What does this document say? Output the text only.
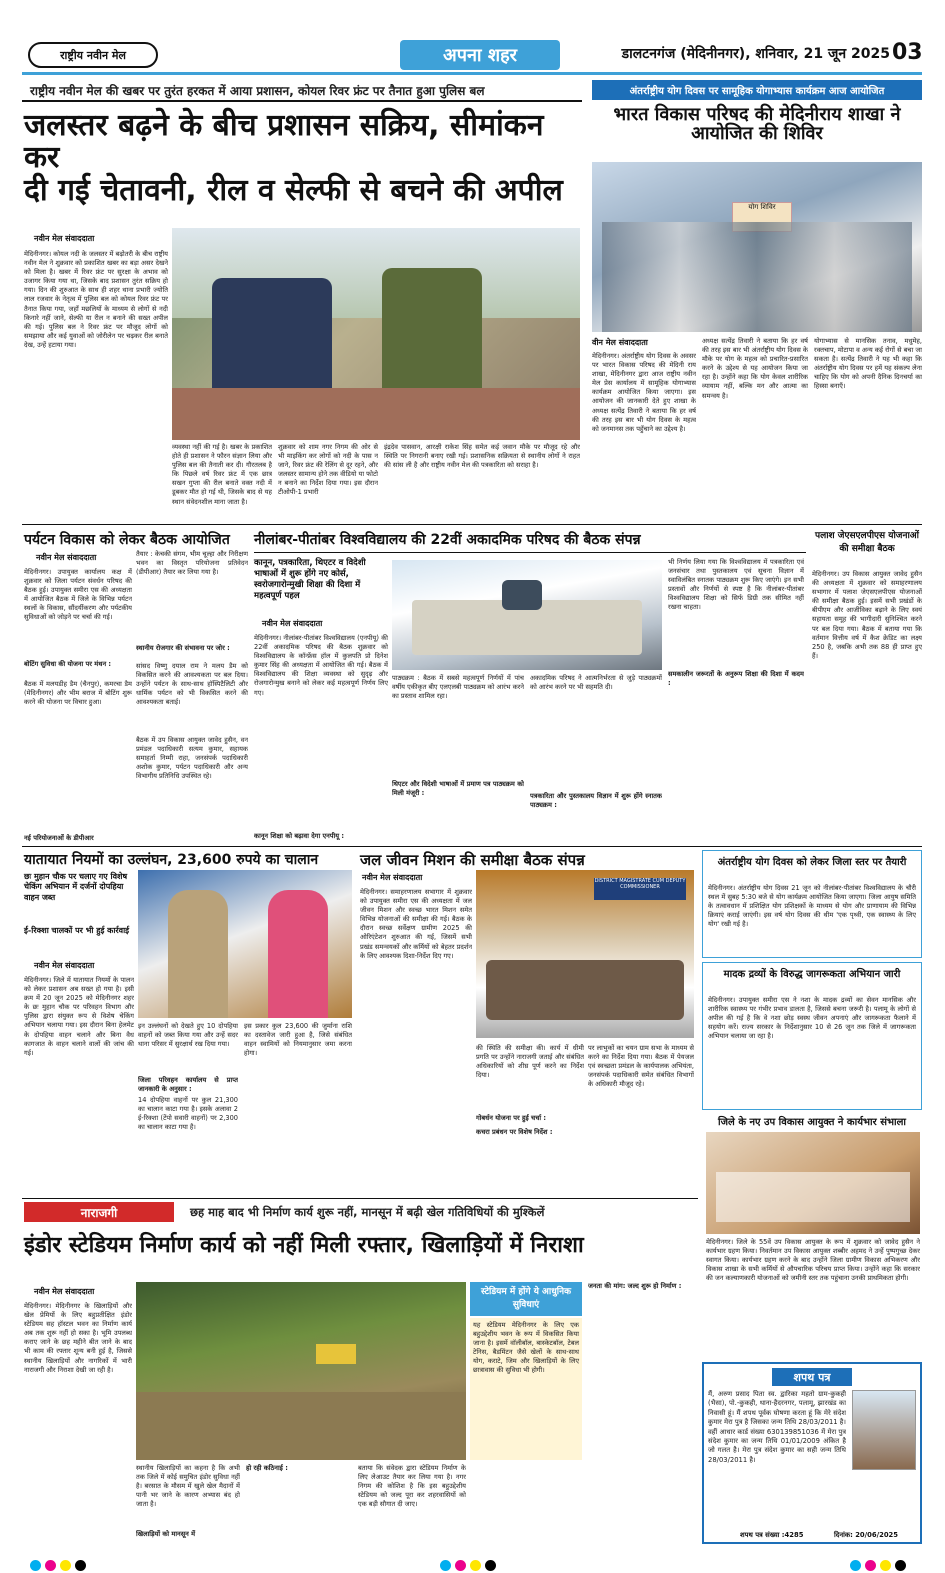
राष्ट्रीय नवीन मेल	अपना शहर	डालटनगंज (मेदिनीनगर), शनिवार, 21 जून 2025 03
राष्ट्रीय नवीन मेल की खबर पर तुरंत हरकत में आया प्रशासन, कोयल रिवर फ्रंट पर तैनात हुआ पुलिस बल
जलस्तर बढ़ने के बीच प्रशासन सक्रिय, सीमांकन कर
दी गई चेतावनी, रील व सेल्फी से बचने की अपील
नवीन मेल संवाददाता
मेदिनीनगर। कोयल नदी के जलस्तर में बढ़ोतरी के बीच राष्ट्रीय नवीन मेल ने शुक्रवार को प्रकाशित खबर का बड़ा असर देखने को मिला है। खबर में रिवर फ्रंट पर सुरक्षा के अभाव को उजागर किया गया था, जिसके बाद प्रशासन तुरंत सक्रिय हो गया। दिन की शुरुआत के साथ ही शहर थाना प्रभारी ज्योति लाल रजवार के नेतृत्व में पुलिस बल को कोयल रिवर फ्रंट पर तैनात किया गया, जहाँ मछलियों के माध्यम से लोगों से नदी किनारे नहीं जाने, सेल्फी या रील न बनाने की सख्त अपील की गई। पुलिस बल ने रिवर फ्रंट पर मौजूद लोगों को समझाया और कई युवाओं को जोरीलेन पर चढ़कर रील बनाते देख, उन्हें हटाया गया।
व्यवस्था नहीं की गई है। खबर के प्रकाशित होते ही प्रशासन ने फौरन संज्ञान लिया और पुलिस बल की तैनाती कर दी। गौरतलब है कि पिछले वर्ष रिवर फ्रंट में एक छात्र सखन गुप्ता की रील बनाते वक्त नदी में डूबकर मौत हो गई थी, जिसके बाद से यह स्थान संवेदनशील माना जाता है।
शुक्रवार को शाम नगर निगम की ओर से भी माइकिंग कर लोगों को नदी के पास न जाने, रिवर फ्रंट की रेलिंग से दूर रहने, और जलस्तर सामान्य होने तक वीडियो या फोटो न बनाने का निर्देश दिया गया। इस दौरान टीओपी-1 प्रभारी
इंद्रदेव पासवान, आरक्षी राकेश सिंह समेत कई जवान मौके पर मौजूद रहे और स्थिति पर निगरानी बनाए रखी गई। प्रशासनिक सक्रियता से स्थानीय लोगों ने राहत की सांस ली है और राष्ट्रीय नवीन मेल की पत्रकारिता को सराहा है।
अंतर्राष्ट्रीय योग दिवस पर सामूहिक योगाभ्यास कार्यक्रम आज आयोजित
भारत विकास परिषद की मेदिनीराय शाखा ने आयोजित की शिविर
योग शिविर
वीन मेल संवाददाता
मेदिनीनगर। अंतर्राष्ट्रीय योग दिवस के अवसर पर भारत विकास परिषद की मेदिनी राय शाखा, मेदिनीनगर द्वारा आज राष्ट्रीय नवीन मेल प्रेस कार्यालय में सामूहिक योगाभ्यास कार्यक्रम आयोजित किया जाएगा। इस आयोजन की जानकारी देते हुए शाखा के अध्यक्ष सत्येंद्र तिवारी ने बताया कि हर वर्ष की तरह इस बार भी योग दिवस के महत्व को जनमानस तक पहुँचाने का उद्देश्य है।
अध्यक्ष सत्येंद्र तिवारी ने बताया कि हर वर्ष की तरह इस बार भी अंतर्राष्ट्रीय योग दिवस के मौके पर योग के महत्व को प्रचारित-प्रसारित करने के उद्देश्य से यह आयोजन किया जा रहा है। उन्होंने कहा कि योग केवल शारीरिक व्यायाम नहीं, बल्कि मन और आत्मा का समन्वय है।
योगाभ्यास से मानसिक तनाव, मधुमेह, रक्तचाप, मोटापा व अन्य कई रोगों से बचा जा सकता है। सत्येंद्र तिवारी ने यह भी कहा कि अंतर्राष्ट्रीय योग दिवस पर हमें यह संकल्प लेना चाहिए कि योग को अपनी दैनिक दिनचर्या का हिस्सा बनाएँ।
पर्यटन विकास को लेकर बैठक आयोजित
नवीन मेल संवाददाता
मेदिनीनगर। उपायुक्त कार्यालय कक्ष में शुक्रवार को जिला पर्यटन संवर्धन परिषद की बैठक हुई। उपायुक्त समीरा एस की अध्यक्षता में आयोजित बैठक में जिले के विभिन्न पर्यटन स्थलों के विकास, सौंदर्यीकरण और पर्यटकीय सुविधाओं को जोड़ने पर चर्चा की गई।
बोटिंग सुविधा की योजना पर मंथन :
बैठक में मलयडीह डैम (चैनपुर), कमरचा डैम (मेदिनीनगर) और भीम बराज में बोटिंग शुरू करने की योजना पर विचार हुआ।
नई परियोजनाओं के डीपीआर
तैयार : केचकी संगम, भीम चूल्हा और निरीक्षण भवन का विस्तृत परियोजना प्रतिवेदन (डीपीआर) तैयार कर लिया गया है।
स्थानीय रोजगार की संभावना पर जोर :
सांसद विष्णु दयाल राम ने मलय डैम को विकसित करने की आवश्यकता पर बल दिया। उन्होंने पर्यटन के साथ-साथ हॉस्पिटैलिटी और धार्मिक पर्यटन को भी विकसित करने की आवश्यकता बताई।
बैठक में उप विकास आयुक्त जावेद हुसैन, वन प्रमंडल पदाधिकारी सत्यम कुमार, सहायक समाहर्ता निम्मी राहा, जनसंपर्क पदाधिकारी अशोक कुमार, पर्यटन पदाधिकारी और अन्य विभागीय प्रतिनिधि उपस्थित रहे।
नीलांबर-पीतांबर विश्वविद्यालय की 22वीं अकादमिक परिषद की बैठक संपन्न
कानून, पत्रकारिता, थिएटर व विदेशी भाषाओं में शुरू होंगे नए कोर्स, स्वरोजगारोन्मुखी शिक्षा की दिशा में महत्वपूर्ण पहल
नवीन मेल संवाददाता
मेदिनीनगर। नीलांबर-पीतांबर विश्वविद्यालय (एनपीयू) की 22वीं अकादमिक परिषद की बैठक शुक्रवार को विश्वविद्यालय के कॉन्फ्रेंस हॉल में कुलपति प्रो दिनेश कुमार सिंह की अध्यक्षता में आयोजित की गई। बैठक में विश्वविद्यालय की शिक्षा व्यवस्था को सुदृढ़ और रोजगारोन्मुख बनाने को लेकर कई महत्वपूर्ण निर्णय लिए गए।
कानून शिक्षा को बढ़ावा देगा एनपीयू :
पाठ्यक्रम : बैठक में सबसे महत्वपूर्ण निर्णयों में पांच वर्षीय एकीकृत बीए एलएलबी पाठ्यक्रम को आरंभ करने का प्रस्ताव शामिल रहा।
थिएटर और विदेशी भाषाओं में प्रमाण पत्र पाठ्यक्रम को मिली मंजूरी :
अकादमिक परिषद ने आत्मनिर्भरता से जुड़े पाठ्यक्रमों को आरंभ करने पर भी सहमति दी।
पत्रकारिता और पुस्तकालय विज्ञान में शुरू होंगे स्नातक पाठ्यक्रम :
भी निर्णय लिया गया कि विश्वविद्यालय में पत्रकारिता एवं जनसंचार तथा पुस्तकालय एवं सूचना विज्ञान में स्वाविलंबित स्नातक पाठ्यक्रम शुरू किए जाएंगे। इन सभी प्रस्तावों और निर्णयों से स्पष्ट है कि नीलांबर-पीतांबर विश्वविद्यालय शिक्षा को सिर्फ डिग्री तक सीमित नहीं रखना चाहता।
समकालीन जरूरतों के अनुरूप शिक्षा की दिशा में कदम :
पलाश जेएसएलपीएस योजनाओं की समीक्षा बैठक
मेदिनीनगर। उप विकास आयुक्त जावेद हुसैन की अध्यक्षता में शुक्रवार को समाहरणालय सभागार में पलाश जेएसएलपीएस योजनाओं की समीक्षा बैठक हुई। इसमें सभी प्रखंडों के बीपीएम और आजीविका बढ़ाने के लिए स्वयं सहायता समूह की भागीदारी सुनिश्चित करने पर बल दिया गया। बैठक में बताया गया कि वर्तमान वित्तीय वर्ष में कैश क्रेडिट का लक्ष्य 250 है, जबकि अभी तक 88 ही प्राप्त हुए हैं।
यातायात नियमों का उल्लंघन, 23,600 रुपये का चालान
छः मुहान चौक पर चलाए गए विशेष चेकिंग अभियान में दर्जनों दोपहिया वाहन जब्त
ई-रिक्शा चालकों पर भी हुई कार्रवाई
नवीन मेल संवाददाता
मेदिनीनगर। जिले में यातायात नियमों के पालन को लेकर प्रशासन अब सख्त हो गया है। इसी क्रम में 20 जून 2025 को मेदिनीनगर शहर के छः मुहान चौक पर परिवहन विभाग और पुलिस द्वारा संयुक्त रूप से विशेष चेकिंग अभियान चलाया गया। इस दौरान बिना हेलमेट के दोपहिया वाहन चलाने और बिना वैध कागजात के वाहन चलाने वालों की जांच की गई।
इन उल्लंघनों को देखते हुए 10 दोपहिया वाहनों को जब्त किया गया और उन्हें सदर थाना परिसर में सुरक्षार्थ रख दिया गया।
जिला परिवहन कार्यालय से प्राप्त जानकारी के अनुसार :
14 दोपहिया वाहनों पर कुल 21,300 का चालान काटा गया है। इसके अलावा 2 ई-रिक्शा (टेंपो सवारी वाहनों) पर 2,300 का चालान काटा गया है।
इस प्रकार कुल 23,600 की जुर्माना राशि का दस्तावेज जारी हुआ है, जिसे संबंधित वाहन स्वामियों को नियमानुसार जमा करना होगा।
जल जीवन मिशन की समीक्षा बैठक संपन्न
नवीन मेल संवाददाता
मेदिनीनगर। समाहरणालय सभागार में शुक्रवार को उपायुक्त समीरा एस की अध्यक्षता में जल जीवन मिशन और स्वच्छ भारत मिशन समेत विभिन्न योजनाओं की समीक्षा की गई। बैठक के दौरान स्वच्छ सर्वेक्षण ग्रामीण 2025 की ओरिएंटेशन शुरुआत की गई, जिसमें सभी प्रखंड समन्वयकों और कर्मियों को बेहतर प्रदर्शन के लिए आवश्यक दिशा-निर्देश दिए गए।
DISTRICT MAGISTRATE CUM DEPUTY COMMISSIONER
की स्थिति की समीक्षा की। कार्य में धीमी प्रगति पर उन्होंने नाराजगी जताई और संबंधित अधिकारियों को शीघ्र पूर्ण करने का निर्देश दिया।
गोबर्धन योजना पर हुई चर्चा :
कचरा प्रबंधन पर विशेष निर्देश :
पर लाभुकों का चयन ग्राम सभा के माध्यम से करने का निर्देश दिया गया। बैठक में पेयजल एवं स्वच्छता प्रमंडल के कार्यपालक अभियंता, जनसंपर्क पदाधिकारी समेत संबंधित विभागों के अधिकारी मौजूद रहे।
अंतर्राष्ट्रीय योग दिवस को लेकर जिला स्तर पर तैयारी
मेदिनीनगर। अंतर्राष्ट्रीय योग दिवस 21 जून को नीलांबर-पीतांबर विश्वविद्यालय के चौरी स्थल में सुबह 5:30 बजे से योग कार्यक्रम आयोजित किया जाएगा। जिला आयुष समिति के तत्वावधान में प्रशिक्षित योग प्रशिक्षकों के माध्यम से योग और प्राणायाम की विभिन्न क्रियाएं कराई जाएंगी। इस वर्ष योग दिवस की थीम 'एक पृथ्वी, एक स्वास्थ्य के लिए योग' रखी गई है।
मादक द्रव्यों के विरुद्ध जागरूकता अभियान जारी
मेदिनीनगर। उपायुक्त समीरा एस ने नशा के मादक द्रव्यों का सेवन मानसिक और शारीरिक स्वास्थ्य पर गंभीर प्रभाव डालता है, जिससे बचना जरूरी है। पलामू के लोगों से अपील की गई है कि वे नशा छोड़ स्वस्थ जीवन अपनाएं और जागरूकता फैलाने में सहयोग करें। राज्य सरकार के निर्देशानुसार 10 से 26 जून तक जिले में जागरूकता अभियान चलाया जा रहा है।
जिले के नए उप विकास आयुक्त ने कार्यभार संभाला
मेदिनीनगर। जिले के 55वें उप विकास आयुक्त के रूप में शुक्रवार को जावेद हुसैन ने कार्यभार ग्रहण किया। निवर्तमान उप विकास आयुक्त शब्बीर अहमद ने उन्हें पुष्पगुच्छ देकर स्वागत किया। कार्यभार ग्रहण करने के बाद उन्होंने जिला ग्रामीण विकास अभिकरण और विकास शाखा के सभी कर्मियों से औपचारिक परिचय प्राप्त किया। उन्होंने कहा कि सरकार की जन कल्याणकारी योजनाओं को जमीनी स्तर तक पहुंचाना उनकी प्राथमिकता होगी।
शपथ पत्र
मैं, अरुण प्रसाद पिता स्व. द्वारिका महतो ग्राम-कुकही (भैसा), पो.-कुकही, थाना-हैदरनगर, पलामू, झारखंड का निवासी हूं। मैं शपथ पूर्वक घोषणा करता हूं कि मेरे संदेश कुमार मेरा पुत्र है जिसका जन्म तिथि 28/03/2011 है। वहीं आधार कार्ड संख्या 630139851036 में मेरा पुत्र संदेश कुमार का जन्म तिथि 01/01/2009 अंकित है जो गलत है। मेरा पुत्र संदेश कुमार का सही जन्म तिथि 28/03/2011 है।
शपथ पत्र संख्या :4285	दिनांक: 20/06/2025
नाराजगी	छह माह बाद भी निर्माण कार्य शुरू नहीं, मानसून में बढ़ी खेल गतिविधियों की मुश्किलें
इंडोर स्टेडियम निर्माण कार्य को नहीं मिली रफ्तार, खिलाड़ियों में निराशा
नवीन मेल संवाददाता
मेदिनीनगर। मेदिनीनगर के खिलाड़ियों और खेल प्रेमियों के लिए बहुप्रतीक्षित इंडोर स्टेडियम सह हॉस्टल भवन का निर्माण कार्य अब तक शुरू नहीं हो सका है। भूमि उपलब्ध कराए जाने के छह महीने बीत जाने के बाद भी काम की रफ्तार शून्य बनी हुई है, जिससे स्थानीय खिलाड़ियों और नागरिकों में भारी नाराजगी और निराशा देखी जा रही है।
स्थानीय खिलाड़ियों का कहना है कि अभी तक जिले में कोई समुचित इंडोर सुविधा नहीं है। बरसात के मौसम में खुले खेल मैदानों में पानी भर जाने के कारण अभ्यास बंद हो जाता है।
खिलाड़ियों को मानसून में
हो रही कठिनाई :	बताया कि संवेदक द्वारा स्टेडियम निर्माण के लिए लेआउट तैयार कर लिया गया है। नगर निगम की कोशिश है कि इस बहुउद्देशीय स्टेडियम को जल्द पूरा कर शहरवासियों को एक बड़ी सौगात दी जाए।
स्टेडियम में होंगे ये आधुनिक सुविधाएं
यह स्टेडियम मेदिनीनगर के लिए एक बहुउद्देशीय भवन के रूप में विकसित किया जाना है। इसमें वाॅलीबॉल, बास्केटबॉल, टेबल टेनिस, बैडमिंटन जैसे खेलों के साथ-साथ योग, कराटे, जिम और खिलाड़ियों के लिए छात्रावास की सुविधा भी होगी।
जनता की मांग: जल्द शुरू हो निर्माण :
